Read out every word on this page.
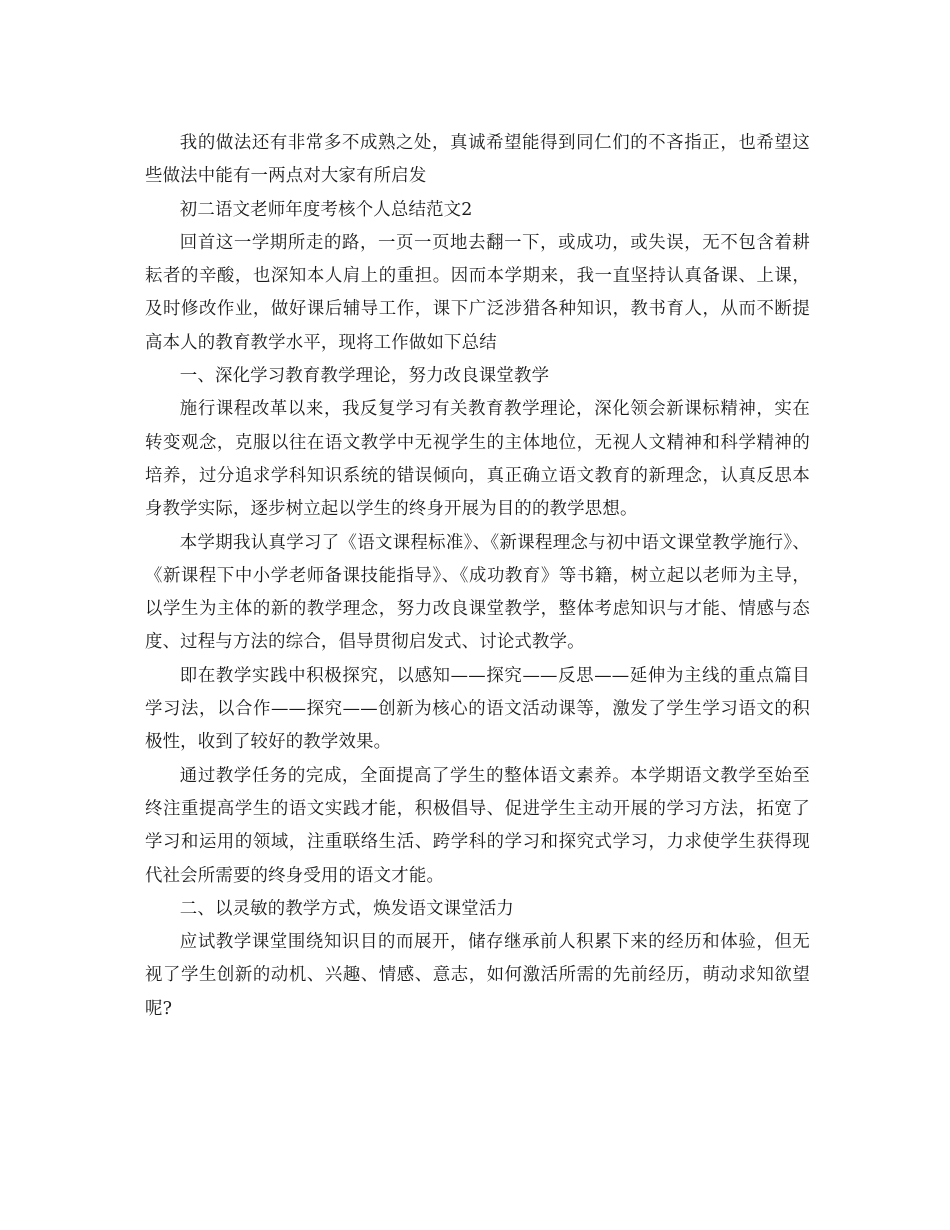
我的做法还有非常多不成熟之处，真诚希望能得到同仁们的不吝指正，也希望这些做法中能有一两点对大家有所启发

初二语文老师年度考核个人总结范文2

回首这一学期所走的路，一页一页地去翻一下，或成功，或失误，无不包含着耕耘者的辛酸，也深知本人肩上的重担。因而本学期来，我一直坚持认真备课、上课，及时修改作业，做好课后辅导工作，课下广泛涉猎各种知识，教书育人，从而不断提高本人的教育教学水平，现将工作做如下总结

一、深化学习教育教学理论，努力改良课堂教学

施行课程改革以来，我反复学习有关教育教学理论，深化领会新课标精神，实在转变观念，克服以往在语文教学中无视学生的主体地位，无视人文精神和科学精神的培养，过分追求学科知识系统的错误倾向，真正确立语文教育的新理念，认真反思本身教学实际，逐步树立起以学生的终身开展为目的的教学思想。

本学期我认真学习了《语文课程标准》、《新课程理念与初中语文课堂教学施行》、《新课程下中小学老师备课技能指导》、《成功教育》等书籍，树立起以老师为主导，以学生为主体的新的教学理念，努力改良课堂教学，整体考虑知识与才能、情感与态度、过程与方法的综合，倡导贯彻启发式、讨论式教学。

即在教学实践中积极探究，以感知——探究——反思——延伸为主线的重点篇目学习法，以合作——探究——创新为核心的语文活动课等，激发了学生学习语文的积极性，收到了较好的教学效果。

通过教学任务的完成，全面提高了学生的整体语文素养。本学期语文教学至始至终注重提高学生的语文实践才能，积极倡导、促进学生主动开展的学习方法，拓宽了学习和运用的领域，注重联络生活、跨学科的学习和探究式学习，力求使学生获得现代社会所需要的终身受用的语文才能。

二、以灵敏的教学方式，焕发语文课堂活力

应试教学课堂围绕知识目的而展开，储存继承前人积累下来的经历和体验，但无视了学生创新的动机、兴趣、情感、意志，如何激活所需的先前经历，萌动求知欲望呢?
